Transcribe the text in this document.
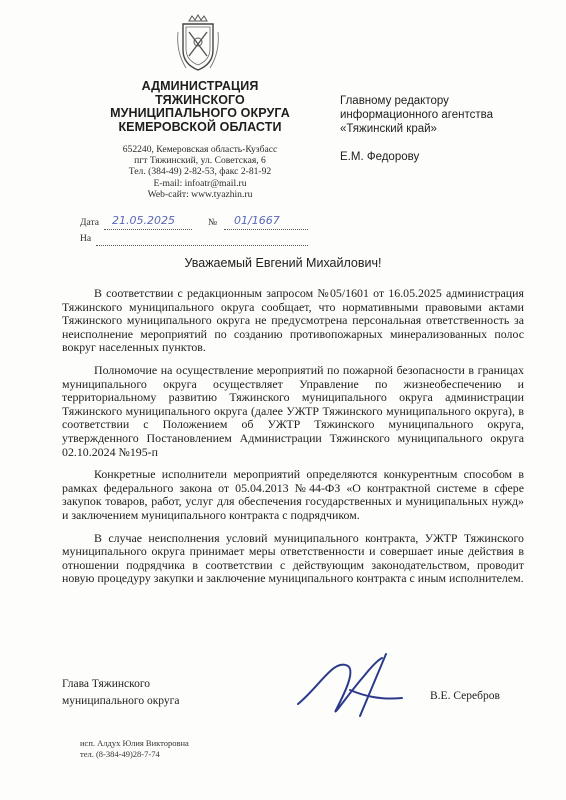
АДМИНИСТРАЦИЯ
ТЯЖИНСКОГО
МУНИЦИПАЛЬНОГО ОКРУГА
КЕМЕРОВСКОЙ ОБЛАСТИ
652240, Кемеровская область-Кузбасс
пгт Тяжинский, ул. Советская, 6
Тел. (384-49) 2-82-53, факс 2-81-92
E-mail: infoatr@mail.ru
Web-сайт: www.tyazhin.ru
Дата 21.05.2025	№ 01/1667
На
Главному редактору
информационного агентства
«Тяжинский край»
Е.М. Федорову
Уважаемый Евгений Михайлович!

В соответствии с редакционным запросом №05/1601 от 16.05.2025 администрация Тяжинского муниципального округа сообщает, что нормативными правовыми актами Тяжинского муниципального округа не предусмотрена персональная ответственность за неисполнение мероприятий по созданию противопожарных минерализованных полос вокруг населенных пунктов.

Полномочие на осуществление мероприятий по пожарной безопасности в границах муниципального округа осуществляет Управление по жизнеобеспечению и территориальному развитию Тяжинского муниципального округа администрации Тяжинского муниципального округа (далее УЖТР Тяжинского муниципального округа), в соответствии с Положением об УЖТР Тяжинского муниципального округа, утвержденного Постановлением Администрации Тяжинского муниципального округа 02.10.2024 №195-п

Конкретные исполнители мероприятий определяются конкурентным способом в рамках федерального закона от 05.04.2013 №44-ФЗ «О контрактной системе в сфере закупок товаров, работ, услуг для обеспечения государственных и муниципальных нужд» и заключением муниципального контракта с подрядчиком.

В случае неисполнения условий муниципального контракта, УЖТР Тяжинского муниципального округа принимает меры ответственности и совершает иные действия в отношении подрядчика в соответствии с действующим законодательством, проводит новую процедуру закупки и заключение муниципального контракта с иным исполнителем.

Глава Тяжинского
муниципального округа	В.Е. Серебров
исп. Алдух Юлия Викторовна
тел. (8-384-49)28-7-74
